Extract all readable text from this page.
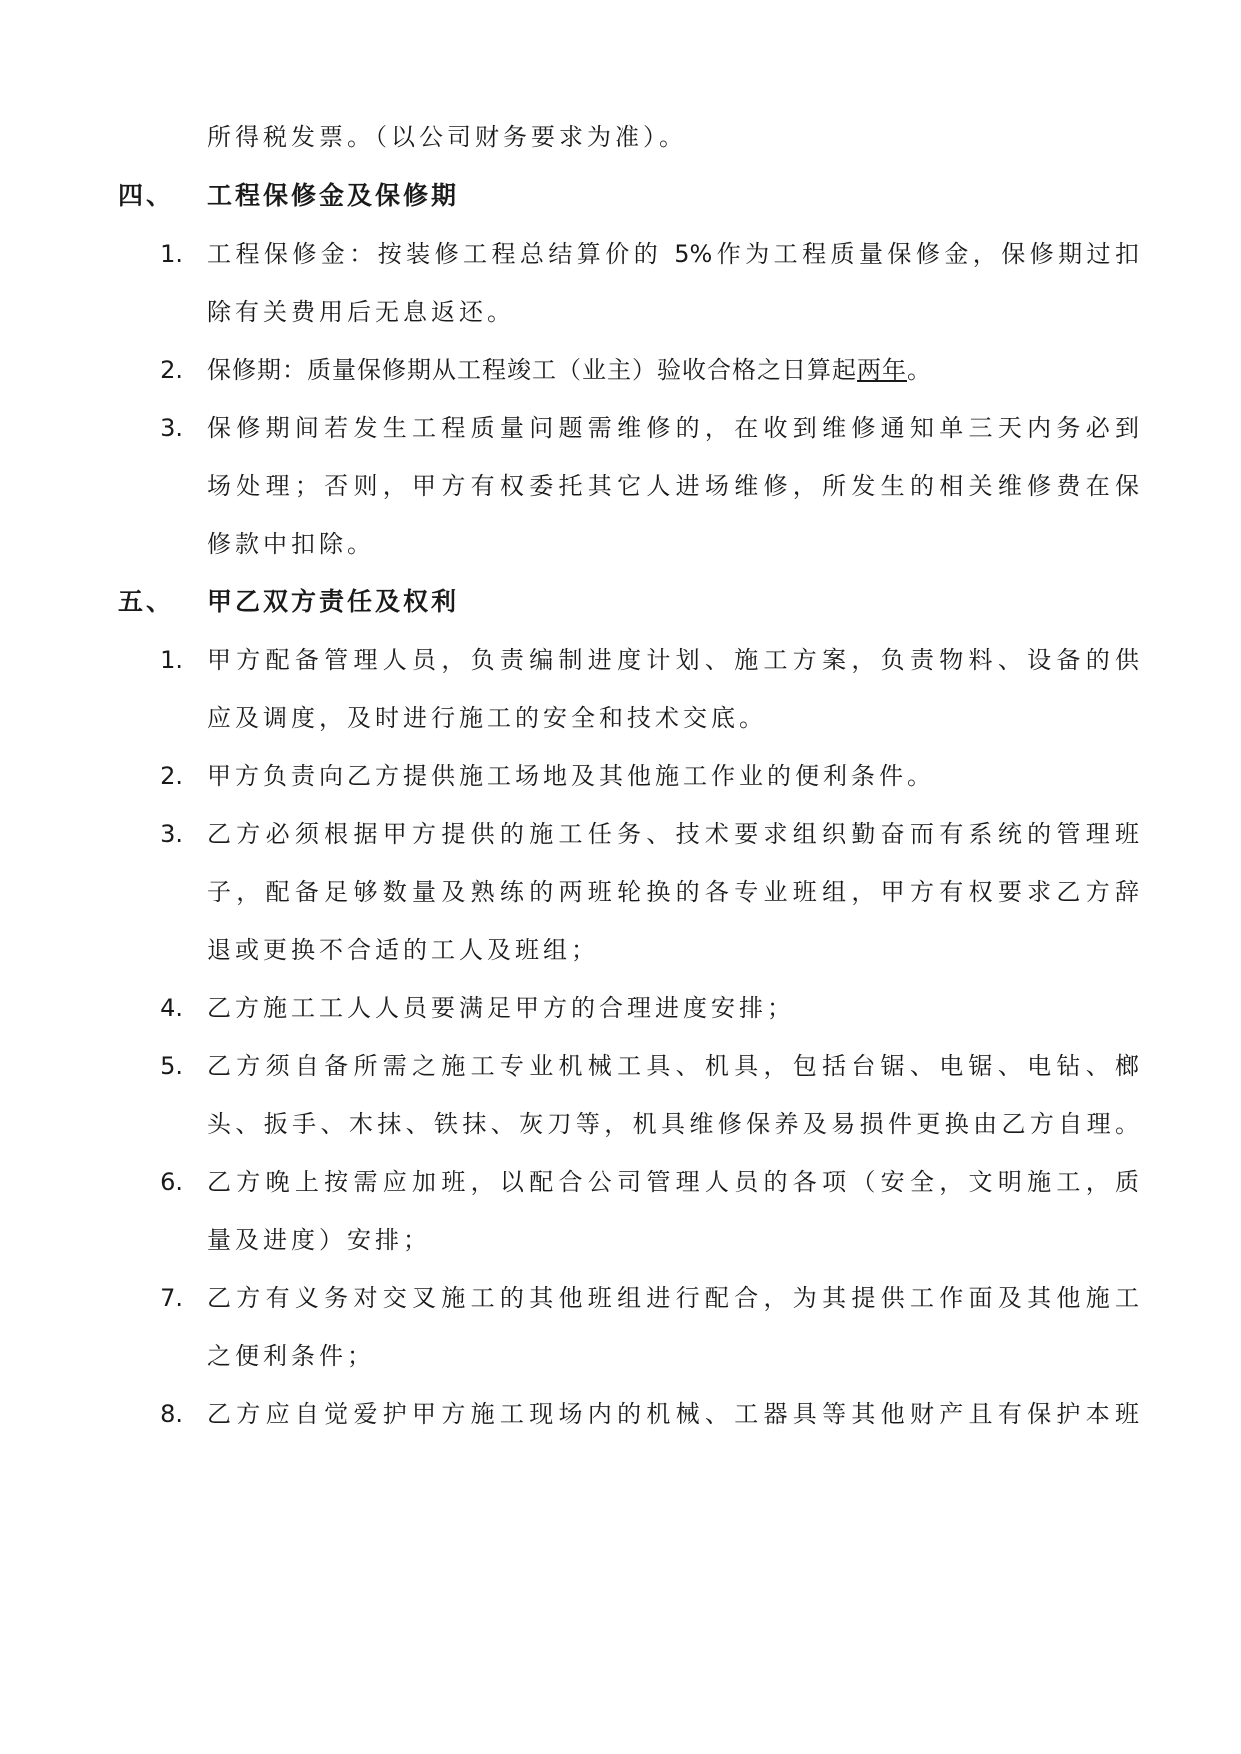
所得税发票。（以公司财务要求为准）。
四、 工程保修金及保修期
1. 工程保修金：按装修工程总结算价的 5%作为工程质量保修金，保修期过扣
除有关费用后无息返还。
2. 保修期：质量保修期从工程竣工（业主）验收合格之日算起两年。
3. 保修期间若发生工程质量问题需维修的，在收到维修通知单三天内务必到
场处理；否则，甲方有权委托其它人进场维修，所发生的相关维修费在保
修款中扣除。
五、 甲乙双方责任及权利
1. 甲方配备管理人员，负责编制进度计划、施工方案，负责物料、设备的供
应及调度，及时进行施工的安全和技术交底。
2. 甲方负责向乙方提供施工场地及其他施工作业的便利条件。
3. 乙方必须根据甲方提供的施工任务、技术要求组织勤奋而有系统的管理班
子，配备足够数量及熟练的两班轮换的各专业班组，甲方有权要求乙方辞
退或更换不合适的工人及班组；
4. 乙方施工工人人员要满足甲方的合理进度安排；
5. 乙方须自备所需之施工专业机械工具、机具，包括台锯、电锯、电钻、榔
头、扳手、木抹、铁抹、灰刀等，机具维修保养及易损件更换由乙方自理。
6. 乙方晚上按需应加班，以配合公司管理人员的各项（安全，文明施工，质
量及进度）安排；
7. 乙方有义务对交叉施工的其他班组进行配合，为其提供工作面及其他施工
之便利条件；
8. 乙方应自觉爱护甲方施工现场内的机械、工器具等其他财产且有保护本班
